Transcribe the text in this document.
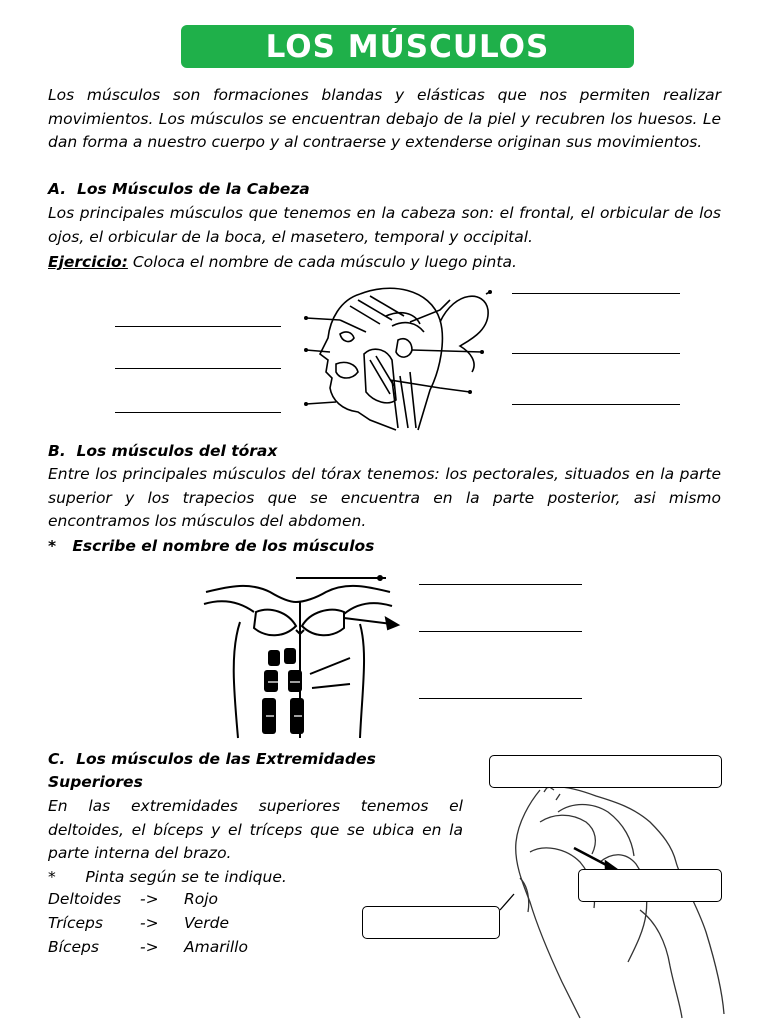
LOS MÚSCULOS

Los músculos son formaciones blandas y elásticas que nos permiten realizar movimientos. Los músculos se encuentran debajo de la piel y recubren los huesos. Le dan forma a nuestro cuerpo y al contraerse y extenderse originan sus movimientos.

A.  Los Músculos de la Cabeza

Los principales músculos que tenemos en la cabeza son: el frontal, el orbicular de los ojos, el orbicular de la boca, el masetero, temporal y occipital.

Ejercicio: Coloca el nombre de cada músculo y luego pinta.

B.  Los músculos del tórax

Entre los principales músculos del tórax tenemos: los pectorales, situados en la parte superior y los trapecios que se encuentra en la parte posterior, asi mismo encontramos los músculos del abdomen.

* Escribe el nombre de los músculos

C.  Los músculos de las Extremidades

Superiores

En las extremidades superiores tenemos el deltoides, el bíceps y el tríceps que se ubica en la parte interna del brazo.

* Pinta según se te indique.

Deltoides -> Rojo
Tríceps -> Verde
Bíceps	-> Amarillo
